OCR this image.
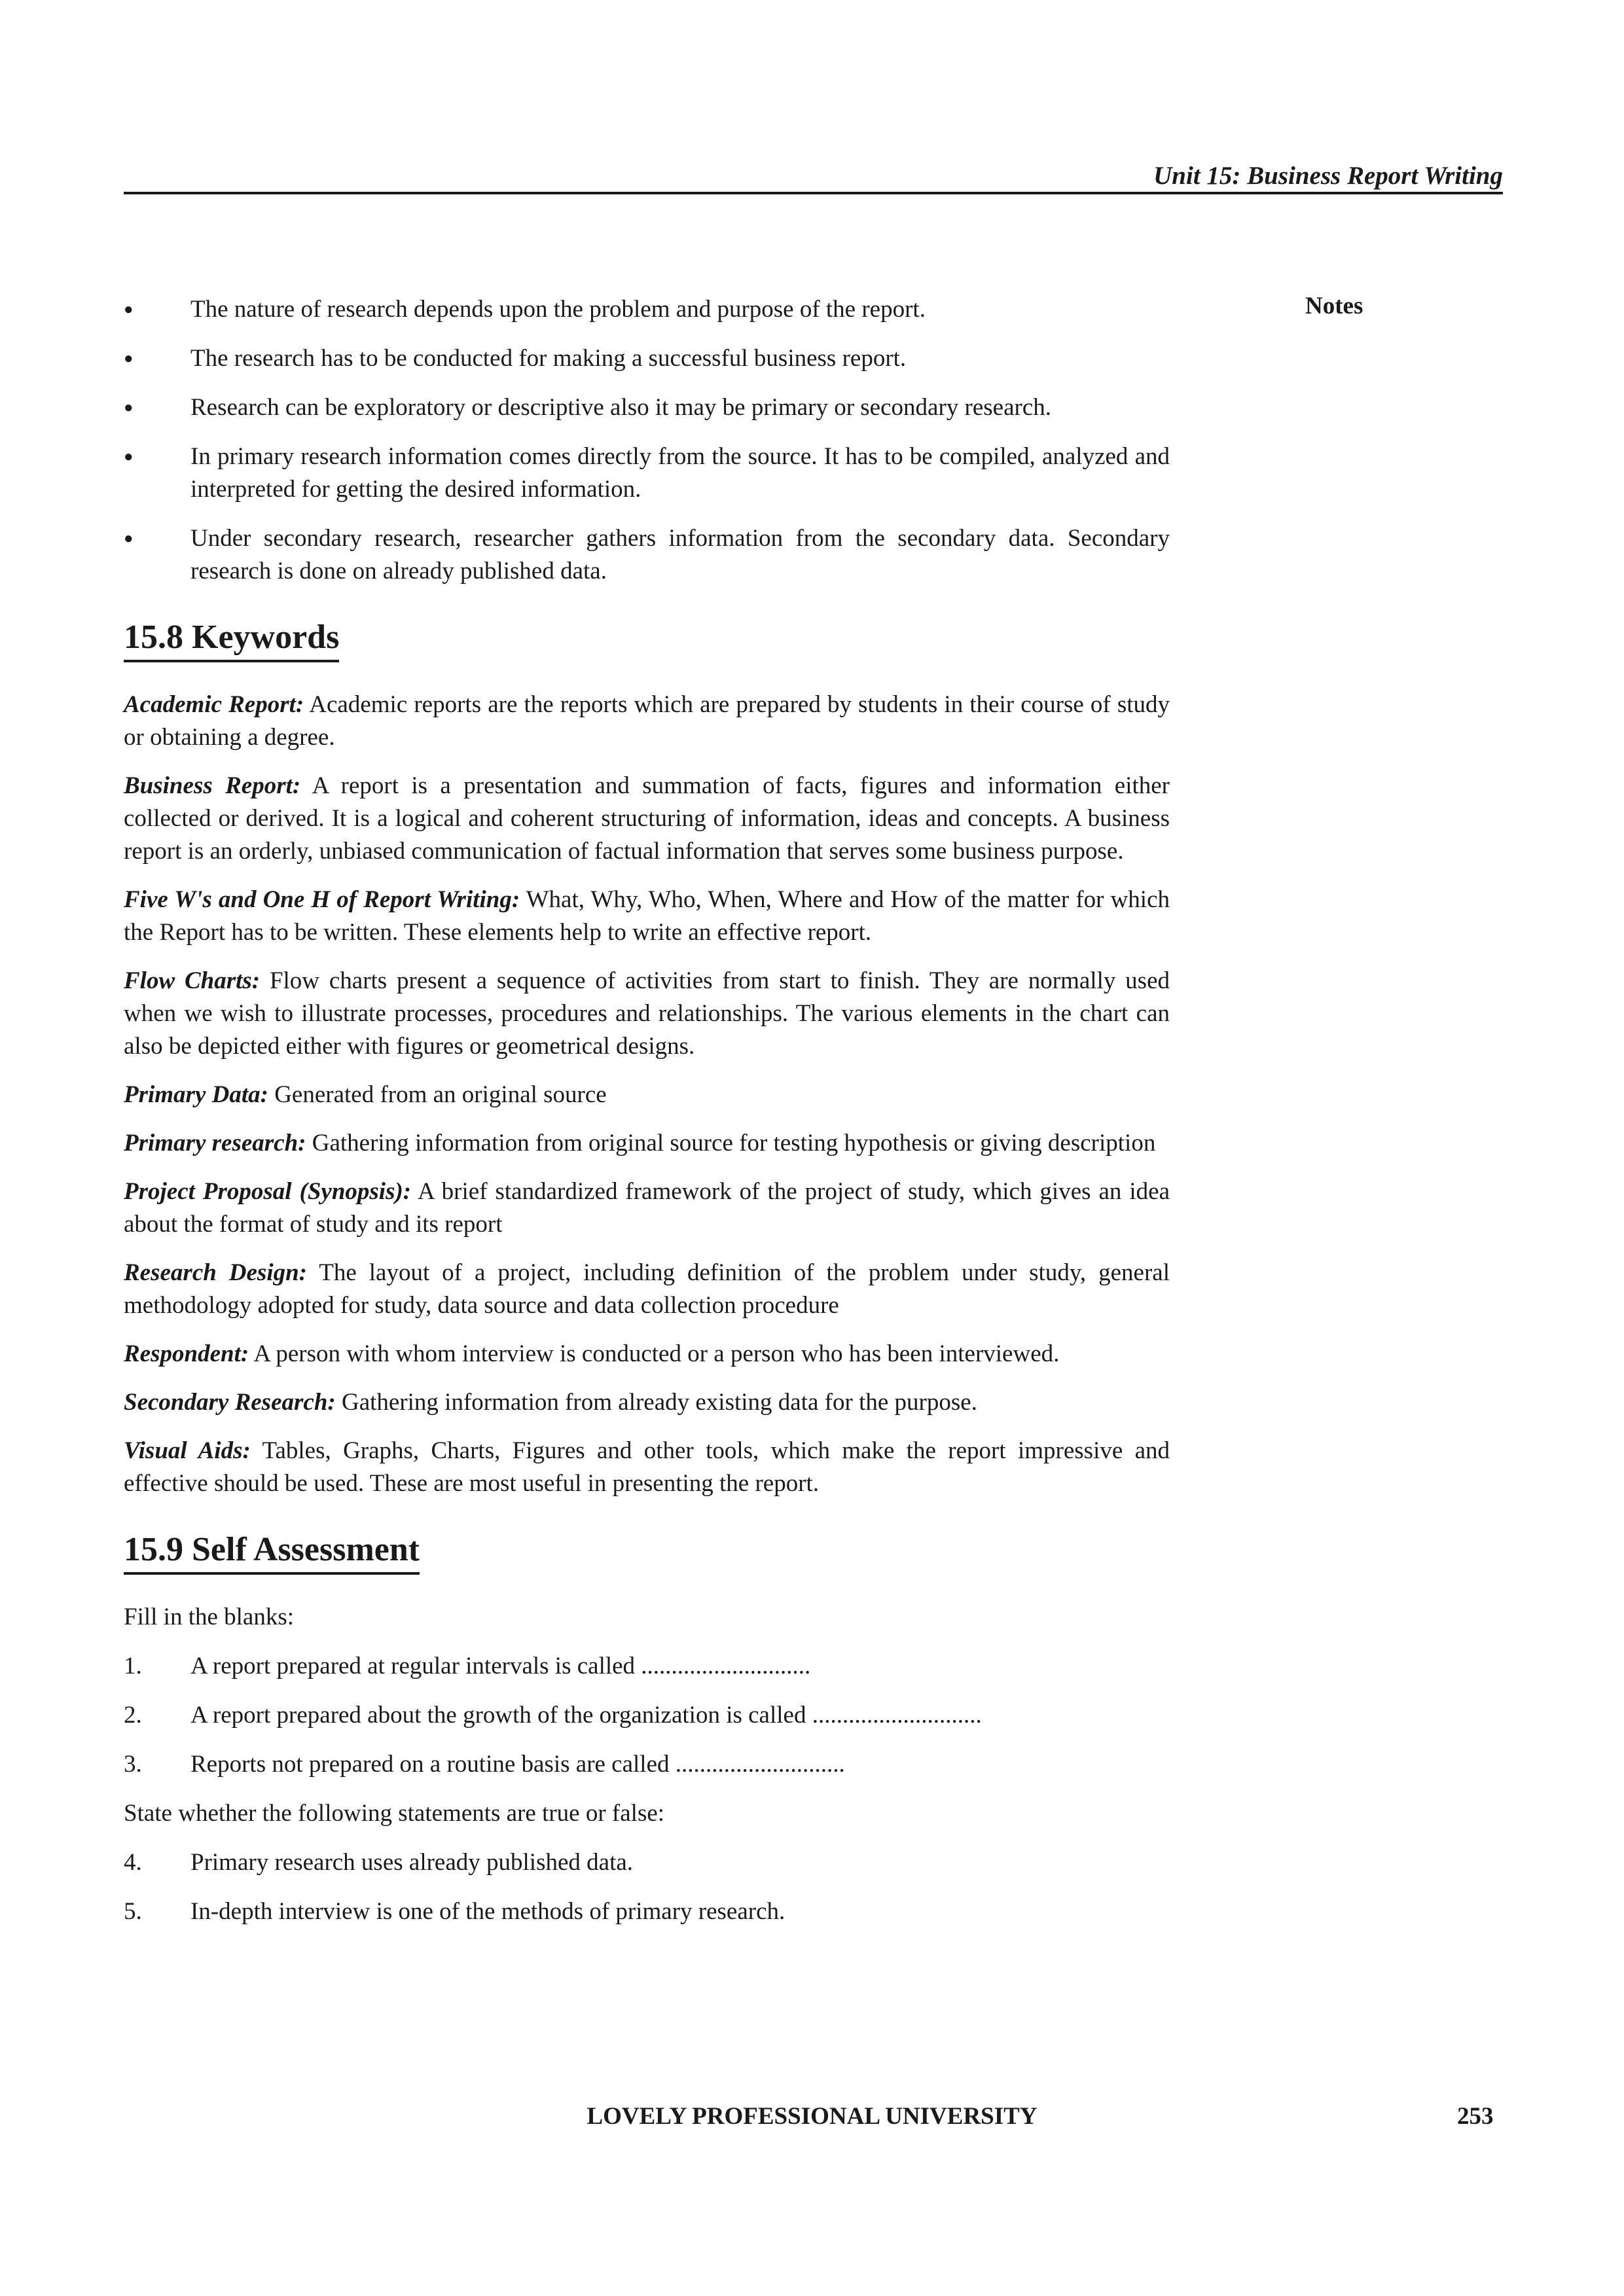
Unit 15: Business Report Writing
Notes
● The nature of research depends upon the problem and purpose of the report.
● The research has to be conducted for making a successful business report.
● Research can be exploratory or descriptive also it may be primary or secondary research.
● In primary research information comes directly from the source. It has to be compiled, analyzed and interpreted for getting the desired information.
● Under secondary research, researcher gathers information from the secondary data. Secondary research is done on already published data.
15.8 Keywords

Academic Report: Academic reports are the reports which are prepared by students in their course of study or obtaining a degree.

Business Report: A report is a presentation and summation of facts, figures and information either collected or derived. It is a logical and coherent structuring of information, ideas and concepts. A business report is an orderly, unbiased communication of factual information that serves some business purpose.

Five W's and One H of Report Writing: What, Why, Who, When, Where and How of the matter for which the Report has to be written. These elements help to write an effective report.

Flow Charts: Flow charts present a sequence of activities from start to finish. They are normally used when we wish to illustrate processes, procedures and relationships. The various elements in the chart can also be depicted either with figures or geometrical designs.

Primary Data: Generated from an original source

Primary research: Gathering information from original source for testing hypothesis or giving description

Project Proposal (Synopsis): A brief standardized framework of the project of study, which gives an idea about the format of study and its report

Research Design: The layout of a project, including definition of the problem under study, general methodology adopted for study, data source and data collection procedure

Respondent: A person with whom interview is conducted or a person who has been interviewed.

Secondary Research: Gathering information from already existing data for the purpose.

Visual Aids: Tables, Graphs, Charts, Figures and other tools, which make the report impressive and effective should be used. These are most useful in presenting the report.

15.9 Self Assessment

Fill in the blanks:

1. A report prepared at regular intervals is called ............................
2. A report prepared about the growth of the organization is called ............................
3. Reports not prepared on a routine basis are called ............................

State whether the following statements are true or false:

4. Primary research uses already published data.
5. In-depth interview is one of the methods of primary research.
LOVELY PROFESSIONAL UNIVERSITY	253
